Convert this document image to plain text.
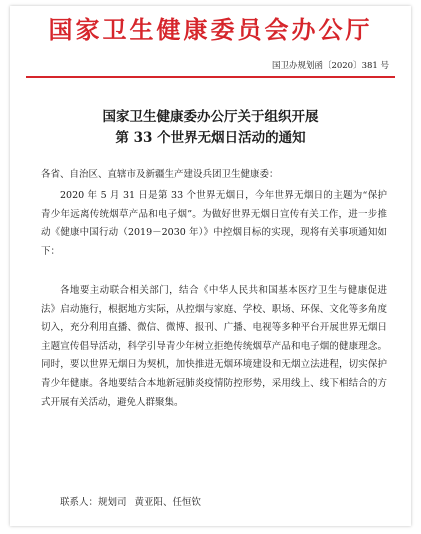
国家卫生健康委员会办公厅
国卫办规划函〔2020〕381 号
国家卫生健康委办公厅关于组织开展
第 33 个世界无烟日活动的通知
各省、自治区、直辖市及新疆生产建设兵团卫生健康委：
2020 年 5 月 31 日是第 33 个世界无烟日，今年世界无烟日的主题为“保护青少年远离传统烟草产品和电子烟”。为做好世界无烟日宣传有关工作，进一步推动《健康中国行动（2019－2030 年）》中控烟目标的实现，现将有关事项通知如下：
各地要主动联合相关部门，结合《中华人民共和国基本医疗卫生与健康促进法》启动施行，根据地方实际，从控烟与家庭、学校、职场、环保、文化等多角度切入，充分利用直播、微信、微博、报刊、广播、电视等多种平台开展世界无烟日主题宣传倡导活动，科学引导青少年树立拒绝传统烟草产品和电子烟的健康理念。同时，要以世界无烟日为契机，加快推进无烟环境建设和无烟立法进程，切实保护青少年健康。各地要结合本地新冠肺炎疫情防控形势，采用线上、线下相结合的方式开展有关活动，避免人群聚集。
联系人：规划司 黄亚阳、任恒钦
